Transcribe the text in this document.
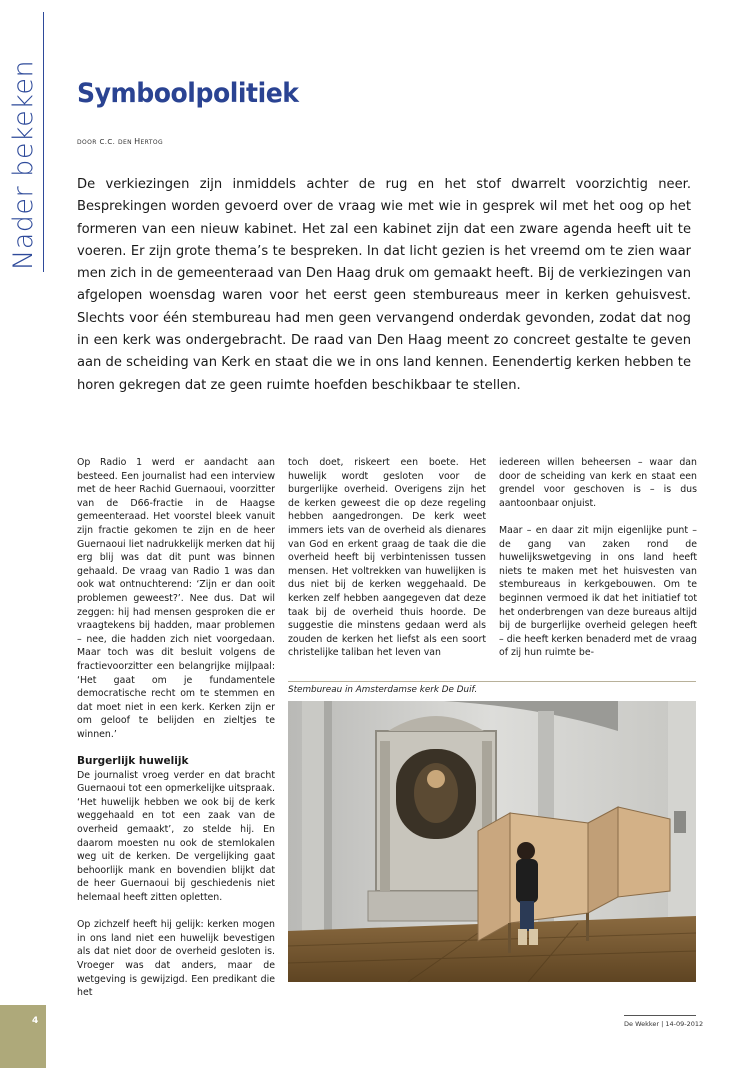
Nader bekeken Symboolpolitiek
door C.C. den Hertog

De verkiezingen zijn inmiddels achter de rug en het stof dwarrelt voorzichtig neer. Besprekingen worden gevoerd over de vraag wie met wie in gesprek wil met het oog op het formeren van een nieuw kabinet. Het zal een kabinet zijn dat een zware agenda heeft uit te voeren. Er zijn grote thema’s te bespreken. In dat licht gezien is het vreemd om te zien waar men zich in de gemeenteraad van Den Haag druk om gemaakt heeft. Bij de verkiezingen van afgelopen woensdag waren voor het eerst geen stembureaus meer in kerken gehuisvest. Slechts voor één stembureau had men geen vervangend onderdak gevonden, zodat dat nog in een kerk was ondergebracht. De raad van Den Haag meent zo concreet gestalte te geven aan de scheiding van Kerk en staat die we in ons land kennen. Eenendertig kerken hebben te horen gekregen dat ze geen ruimte hoefden beschikbaar te stellen.

Op Radio 1 werd er aandacht aan besteed. Een journalist had een interview met de heer Rachid Guernaoui, voorzitter van de D66-fractie in de Haagse gemeenteraad. Het voorstel bleek vanuit zijn fractie gekomen te zijn en de heer Guernaoui liet nadrukkelijk merken dat hij erg blij was dat dit punt was binnen gehaald. De vraag van Radio 1 was dan ook wat ontnuchterend: ‘Zijn er dan ooit problemen geweest?’. Nee dus. Dat wil zeggen: hij had mensen gesproken die er vraagtekens bij hadden, maar problemen – nee, die hadden zich niet voorgedaan. Maar toch was dit besluit volgens de fractievoorzitter een belangrijke mijlpaal: ‘Het gaat om je fundamentele democratische recht om te stemmen en dat moet niet in een kerk. Kerken zijn er om geloof te belijden en zieltjes te winnen.’

Burgerlijk huwelijk

De journalist vroeg verder en dat bracht Guernaoui tot een opmerkelijke uitspraak. ‘Het huwelijk hebben we ook bij de kerk weggehaald en tot een zaak van de overheid gemaakt’, zo stelde hij. En daarom moesten nu ook de stemlokalen weg uit de kerken. De vergelijking gaat behoorlijk mank en bovendien blijkt dat de heer Guernaoui bij geschiedenis niet helemaal heeft zitten opletten.

Op zichzelf heeft hij gelijk: kerken mogen in ons land niet een huwelijk bevestigen als dat niet door de overheid gesloten is. Vroeger was dat anders, maar de wetgeving is gewijzigd. Een predikant die het

toch doet, riskeert een boete. Het huwelijk wordt gesloten voor de burgerlijke overheid. Overigens zijn het de kerken geweest die op deze regeling hebben aangedrongen. De kerk weet immers iets van de overheid als dienares van God en erkent graag de taak die die overheid heeft bij verbintenissen tussen mensen. Het voltrekken van huwelijken is dus niet bij de kerken weggehaald. De kerken zelf hebben aangegeven dat deze taak bij de overheid thuis hoorde. De suggestie die minstens gedaan werd als zouden de kerken het liefst als een soort christelijke taliban het leven van

iedereen willen beheersen – waar dan door de scheiding van kerk en staat een grendel voor geschoven is – is dus aantoonbaar onjuist.

Maar – en daar zit mijn eigenlijke punt – de gang van zaken rond de huwelijkswetgeving in ons land heeft niets te maken met het huisvesten van stembureaus in kerkgebouwen. Om te beginnen vermoed ik dat het initiatief tot het onderbrengen van deze bureaus altijd bij de burgerlijke overheid gelegen heeft – die heeft kerken benaderd met de vraag of zij hun ruimte be-

Stembureau in Amsterdamse kerk De Duif.
4	De Wekker | 14-09-2012
